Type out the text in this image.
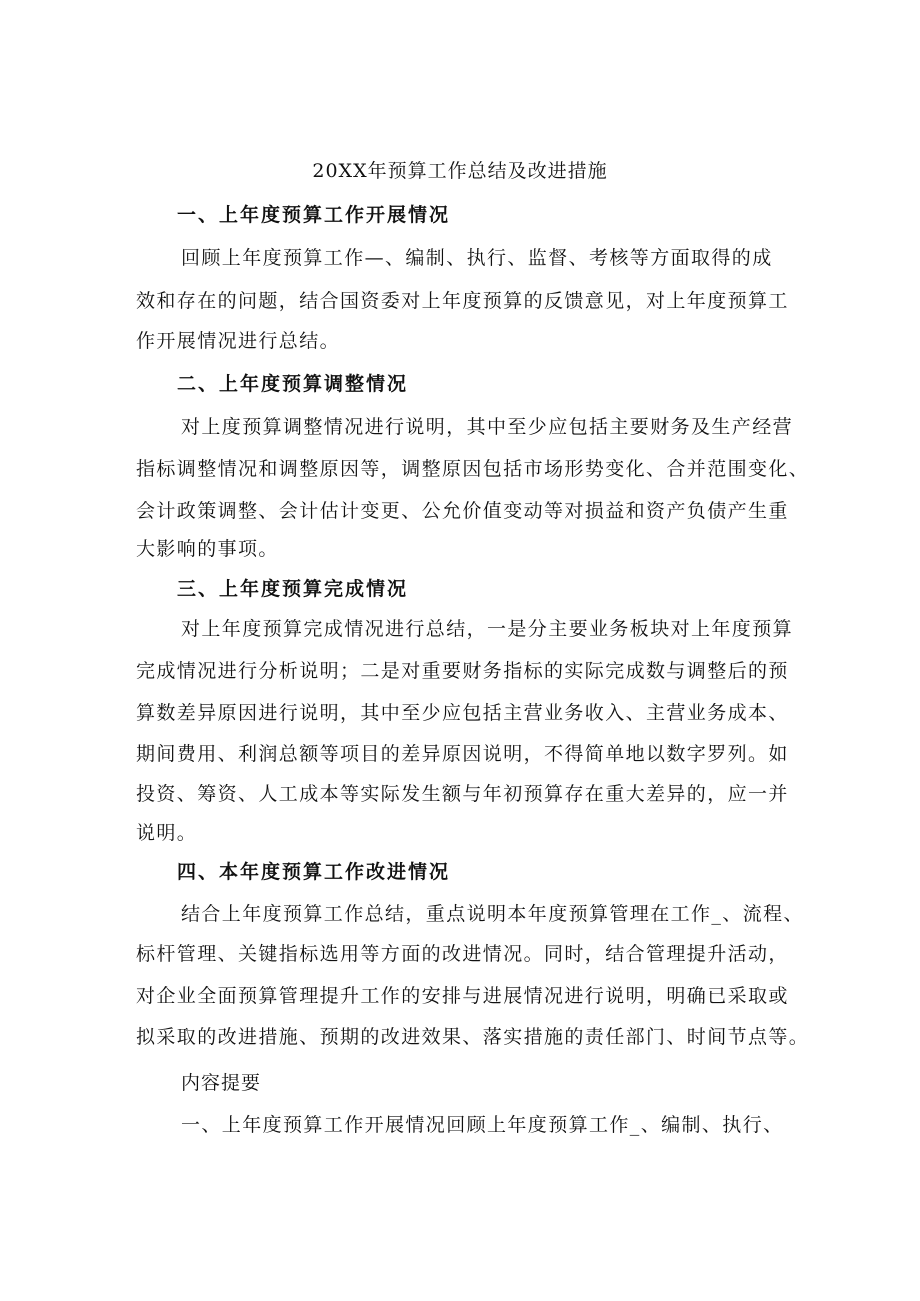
20XX年预算工作总结及改进措施
一、上年度预算工作开展情况
回顾上年度预算工作—、编制、执行、监督、考核等方面取得的成
效和存在的问题，结合国资委对上年度预算的反馈意见，对上年度预算工
作开展情况进行总结。
二、上年度预算调整情况
对上度预算调整情况进行说明，其中至少应包括主要财务及生产经营
指标调整情况和调整原因等，调整原因包括市场形势变化、合并范围变化、
会计政策调整、会计估计变更、公允价值变动等对损益和资产负债产生重
大影响的事项。
三、上年度预算完成情况
对上年度预算完成情况进行总结，一是分主要业务板块对上年度预算
完成情况进行分析说明；二是对重要财务指标的实际完成数与调整后的预
算数差异原因进行说明，其中至少应包括主营业务收入、主营业务成本、
期间费用、利润总额等项目的差异原因说明，不得简单地以数字罗列。如
投资、筹资、人工成本等实际发生额与年初预算存在重大差异的，应一并
说明。
四、本年度预算工作改进情况
结合上年度预算工作总结，重点说明本年度预算管理在工作_、流程、
标杆管理、关键指标选用等方面的改进情况。同时，结合管理提升活动，
对企业全面预算管理提升工作的安排与进展情况进行说明，明确已采取或
拟采取的改进措施、预期的改进效果、落实措施的责任部门、时间节点等。
内容提要
一、上年度预算工作开展情况回顾上年度预算工作_、编制、执行、
